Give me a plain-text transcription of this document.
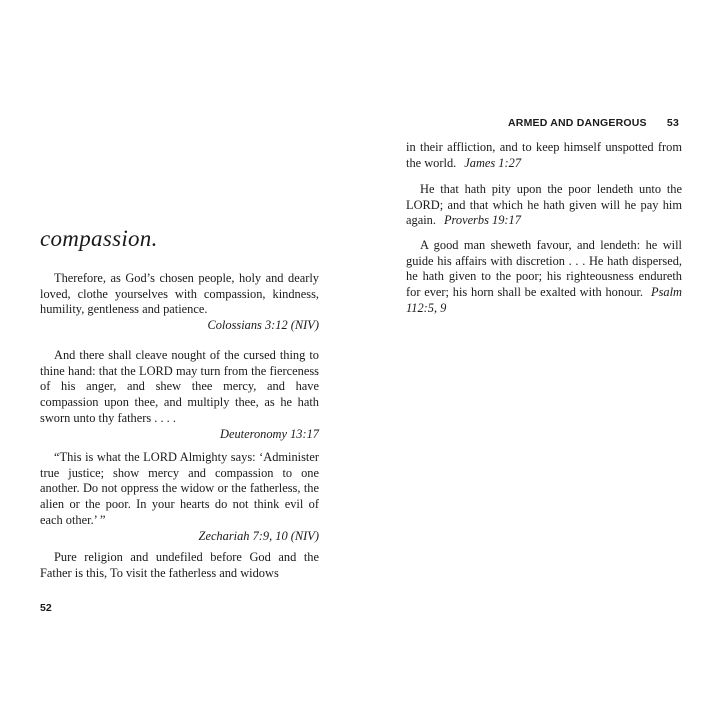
compassion.

Therefore, as God’s chosen people, holy and dearly loved, clothe yourselves with compassion, kindness, humility, gentleness and patience.

Colossians 3:12 (NIV)

And there shall cleave nought of the cursed thing to thine hand: that the LORD may turn from the fierceness of his anger, and shew thee mercy, and have compassion upon thee, and multiply thee, as he hath sworn unto thy fathers . . . .

Deuteronomy 13:17

“This is what the LORD Almighty says: ‘Administer true justice; show mercy and compassion to one another. Do not oppress the widow or the fatherless, the alien or the poor. In your hearts do not think evil of each other.’ ”

Zechariah 7:9, 10 (NIV)

Pure religion and undefiled before God and the Father is this, To visit the fatherless and widows

52
ARMED AND DANGEROUS 53
in their affliction, and to keep himself unspotted from the world. James 1:27

He that hath pity upon the poor lendeth unto the LORD; and that which he hath given will he pay him again. Proverbs 19:17

A good man sheweth favour, and lendeth: he will guide his affairs with discretion . . . He hath dispersed, he hath given to the poor; his righteousness endureth for ever; his horn shall be exalted with honour. Psalm 112:5, 9
